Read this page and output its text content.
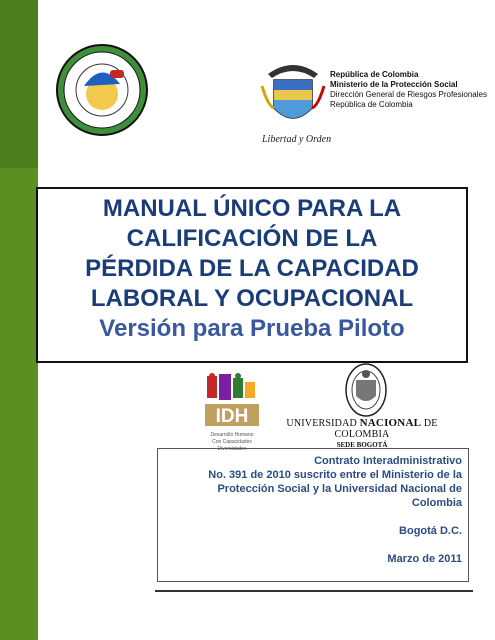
República de Colombia
Ministerio de la Protección Social
Dirección General de Riesgos Profesionales
República de Colombia
Libertad y Orden
MANUAL ÚNICO PARA LA
CALIFICACIÓN DE LA
PÉRDIDA DE LA CAPACIDAD
LABORAL Y OCUPACIONAL
Versión para Prueba Piloto
IDH
Desarrollo Humano
Con Capacidades
Diversidades
UNIVERSIDAD NACIONAL DE COLOMBIA
SEDE BOGOTÁ

Contrato Interadministrativo

No. 391 de 2010 suscrito entre el Ministerio de la

Protección Social y la Universidad Nacional de

Colombia

Bogotá D.C.

Marzo de 2011
